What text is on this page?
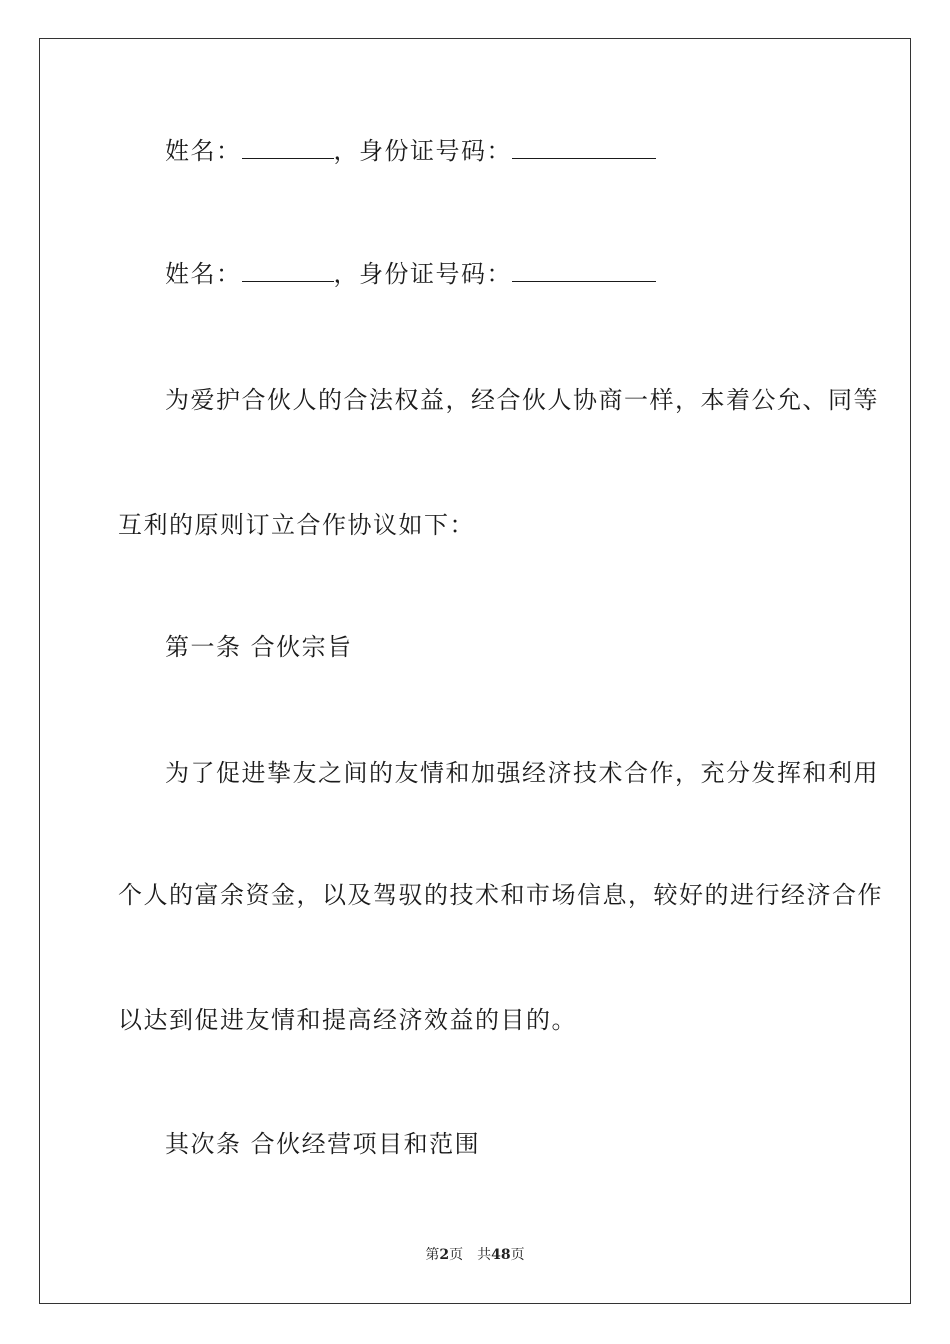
姓名：	，身份证号码：
姓名：	，身份证号码：
为爱护合伙人的合法权益，经合伙人协商一样，本着公允、同等
互利的原则订立合作协议如下：
第一条 合伙宗旨
为了促进挚友之间的友情和加强经济技术合作，充分发挥和利用
个人的富余资金，以及驾驭的技术和市场信息，较好的进行经济合作
以达到促进友情和提高经济效益的目的。
其次条 合伙经营项目和范围
第2页 共48页
